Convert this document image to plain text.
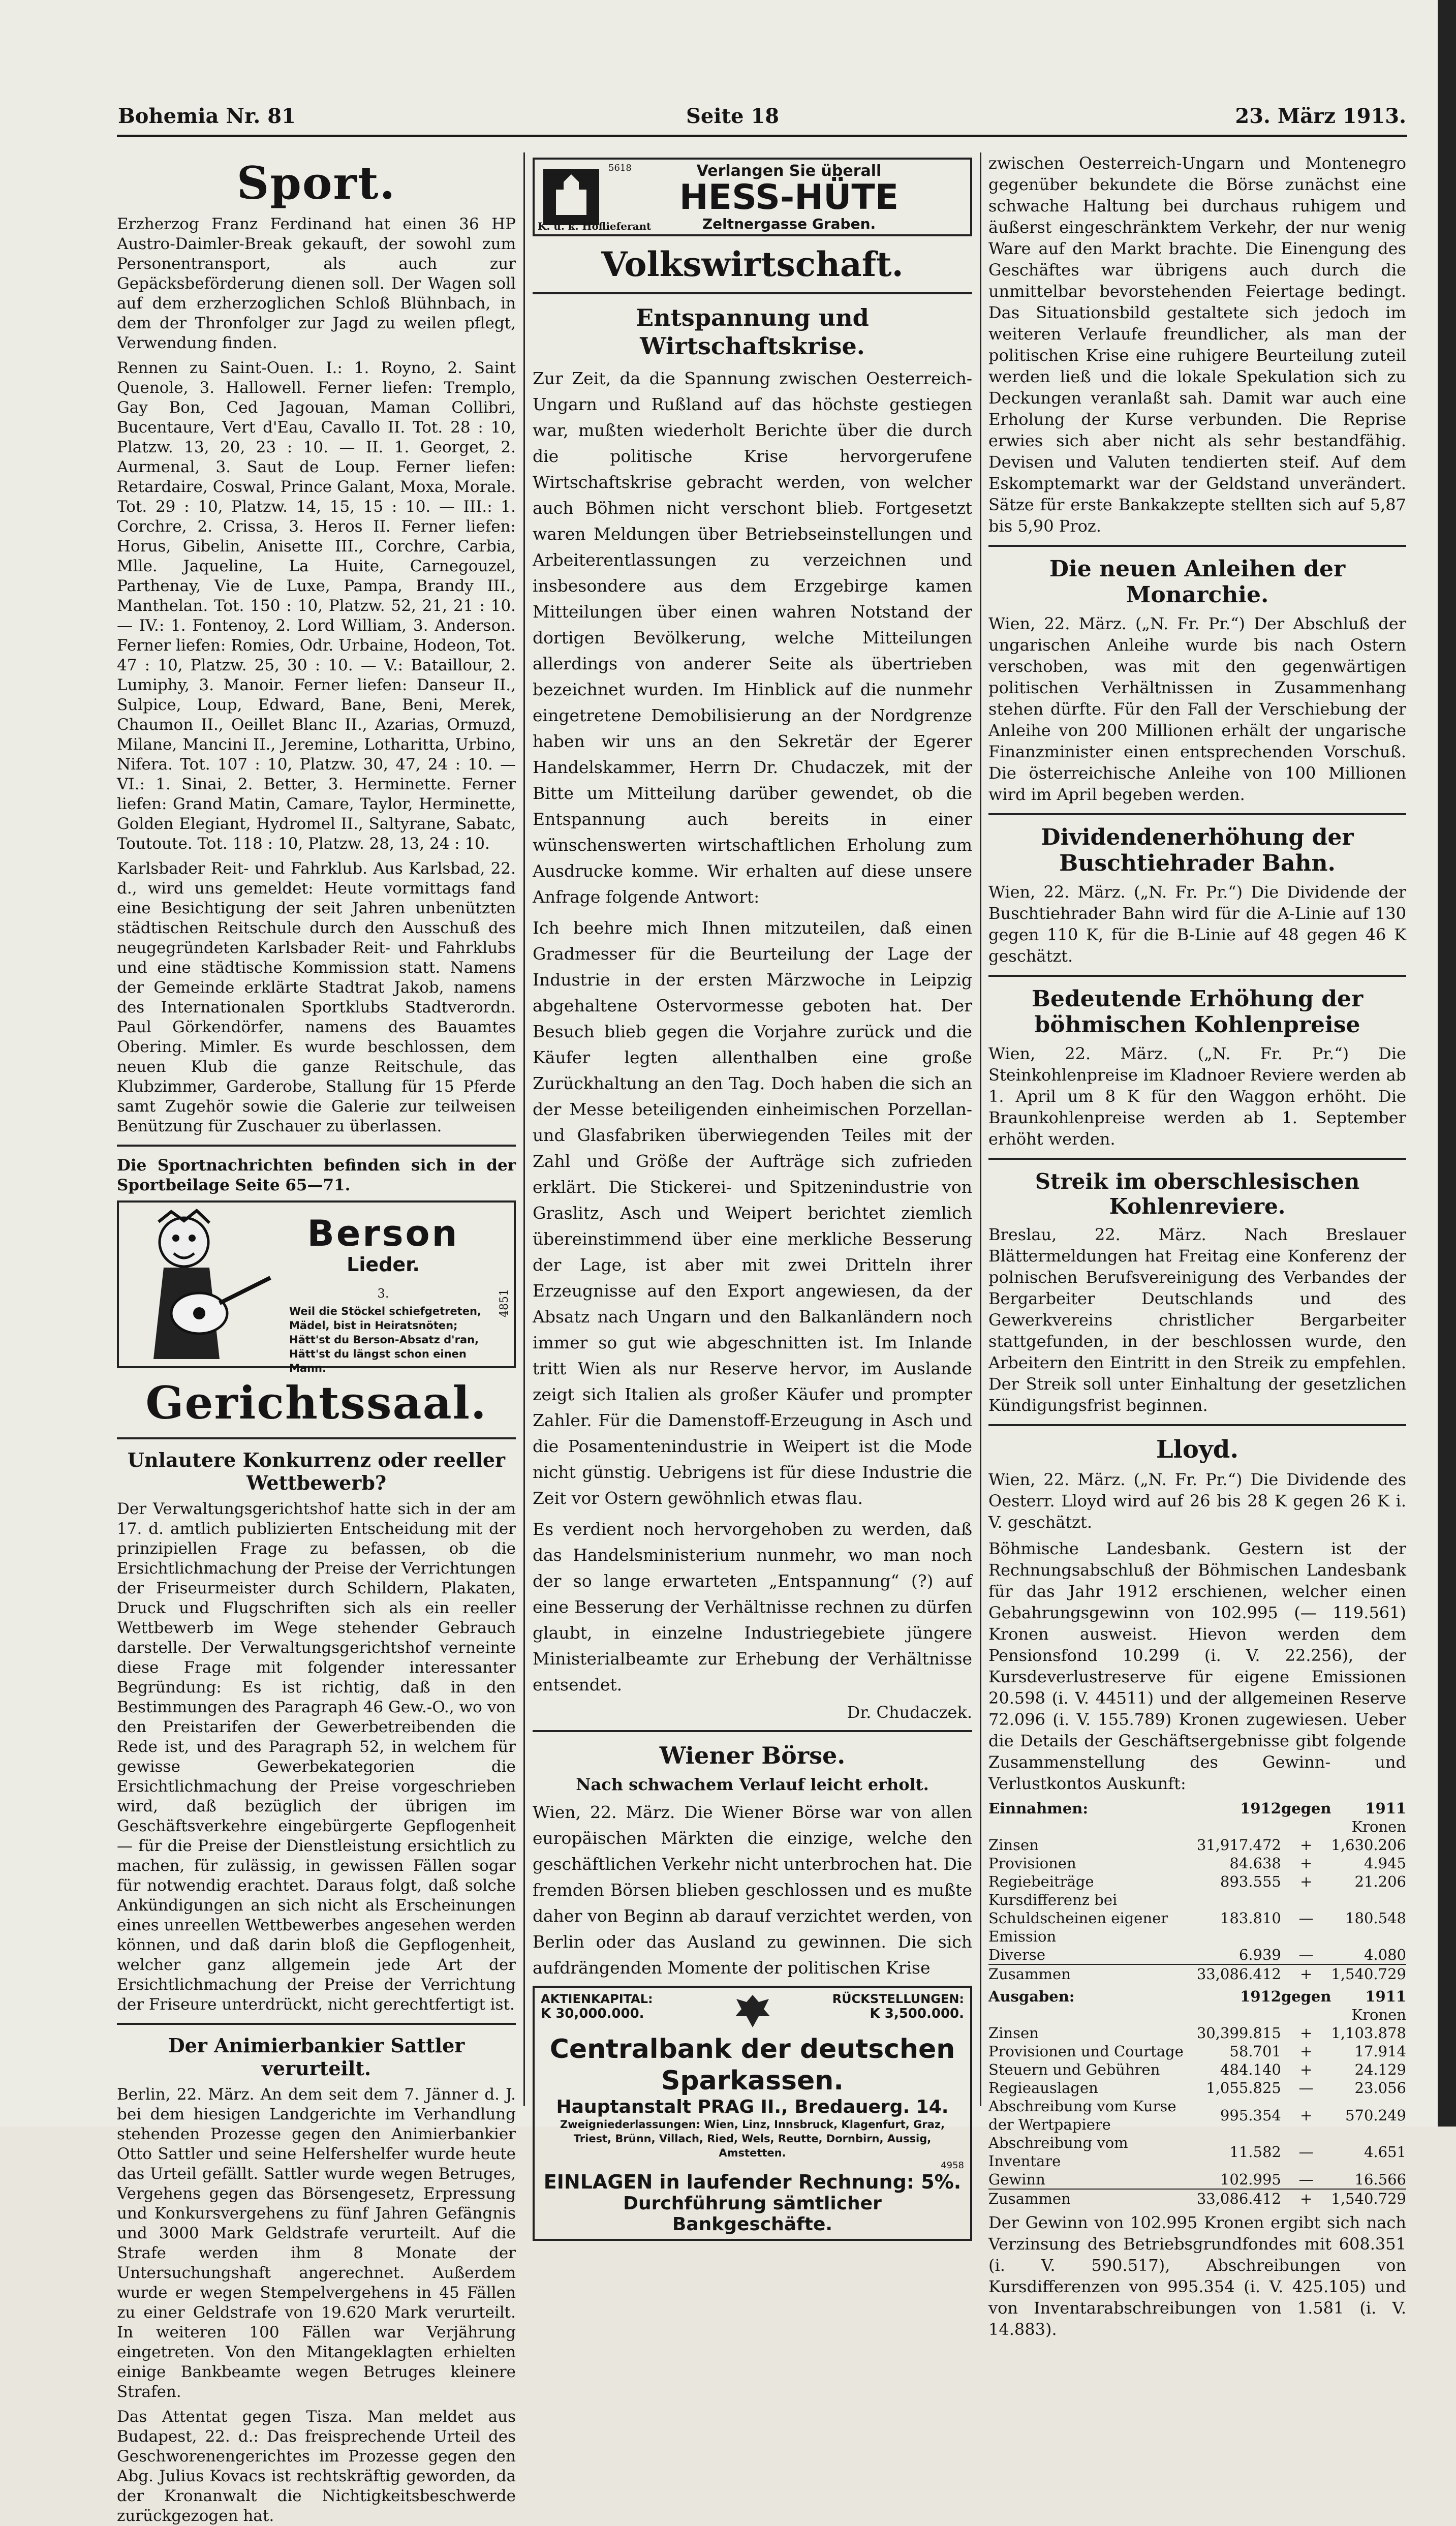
Bohemia Nr. 81	Seite 18	23. März 1913.
Sport.

Erzherzog Franz Ferdinand hat einen 36 HP Austro-Daimler-Break gekauft, der sowohl zum Personentransport, als auch zur Gepäcksbeförderung dienen soll. Der Wagen soll auf dem erzherzoglichen Schloß Blühnbach, in dem der Thronfolger zur Jagd zu weilen pflegt, Verwendung finden.

Rennen zu Saint-Ouen. I.: 1. Royno, 2. Saint Quenole, 3. Hallowell. Ferner liefen: Tremplo, Gay Bon, Ced Jagouan, Maman Collibri, Bucentaure, Vert d'Eau, Cavallo II. Tot. 28 : 10, Platzw. 13, 20, 23 : 10. — II. 1. Georget, 2. Aurmenal, 3. Saut de Loup. Ferner liefen: Retardaire, Coswal, Prince Galant, Moxa, Morale. Tot. 29 : 10, Platzw. 14, 15, 15 : 10. — III.: 1. Corchre, 2. Crissa, 3. Heros II. Ferner liefen: Horus, Gibelin, Anisette III., Corchre, Carbia, Mlle. Jaqueline, La Huite, Carnegouzel, Parthenay, Vie de Luxe, Pampa, Brandy III., Manthelan. Tot. 150 : 10, Platzw. 52, 21, 21 : 10. — IV.: 1. Fontenoy, 2. Lord William, 3. Anderson. Ferner liefen: Romies, Odr. Urbaine, Hodeon, Tot. 47 : 10, Platzw. 25, 30 : 10. — V.: Bataillour, 2. Lumiphy, 3. Manoir. Ferner liefen: Danseur II., Sulpice, Loup, Edward, Bane, Beni, Merek, Chaumon II., Oeillet Blanc II., Azarias, Ormuzd, Milane, Mancini II., Jeremine, Lotharitta, Urbino, Nifera. Tot. 107 : 10, Platzw. 30, 47, 24 : 10. — VI.: 1. Sinai, 2. Better, 3. Herminette. Ferner liefen: Grand Matin, Camare, Taylor, Herminette, Golden Elegiant, Hydromel II., Saltyrane, Sabatc, Toutoute. Tot. 118 : 10, Platzw. 28, 13, 24 : 10.

Karlsbader Reit- und Fahrklub. Aus Karlsbad, 22. d., wird uns gemeldet: Heute vormittags fand eine Besichtigung der seit Jahren unbenützten städtischen Reitschule durch den Ausschuß des neugegründeten Karlsbader Reit- und Fahrklubs und eine städtische Kommission statt. Namens der Gemeinde erklärte Stadtrat Jakob, namens des Internationalen Sportklubs Stadtverordn. Paul Görkendörfer, namens des Bauamtes Obering. Mimler. Es wurde beschlossen, dem neuen Klub die ganze Reitschule, das Klubzimmer, Garderobe, Stallung für 15 Pferde samt Zugehör sowie die Galerie zur teilweisen Benützung für Zuschauer zu überlassen.

Die Sportnachrichten befinden sich in der Sportbeilage Seite 65—71.

Berson
Lieder.
3.
Weil die Stöckel schiefgetreten,
Mädel, bist in Heiratsnöten;
Hätt'st du Berson-Absatz d'ran,
Hätt'st du längst schon einen Mann.
4851
Gerichtssaal.
Unlautere Konkurrenz oder reeller Wettbewerb?

Der Verwaltungsgerichtshof hatte sich in der am 17. d. amtlich publizierten Entscheidung mit der prinzipiellen Frage zu befassen, ob die Ersichtlichmachung der Preise der Verrichtungen der Friseurmeister durch Schildern, Plakaten, Druck und Flugschriften sich als ein reeller Wettbewerb im Wege stehender Gebrauch darstelle. Der Verwaltungsgerichtshof verneinte diese Frage mit folgender interessanter Begründung: Es ist richtig, daß in den Bestimmungen des Paragraph 46 Gew.-O., wo von den Preistarifen der Gewerbetreibenden die Rede ist, und des Paragraph 52, in welchem für gewisse Gewerbekategorien die Ersichtlichmachung der Preise vorgeschrieben wird, daß bezüglich der übrigen im Geschäftsverkehre eingebürgerte Gepflogenheit — für die Preise der Dienstleistung ersichtlich zu machen, für zulässig, in gewissen Fällen sogar für notwendig erachtet. Daraus folgt, daß solche Ankündigungen an sich nicht als Erscheinungen eines unreellen Wettbewerbes angesehen werden können, und daß darin bloß die Gepflogenheit, welcher ganz allgemein jede Art der Ersichtlichmachung der Preise der Verrichtung der Friseure unterdrückt, nicht gerechtfertigt ist.

Der Animierbankier Sattler verurteilt.

Berlin, 22. März. An dem seit dem 7. Jänner d. J. bei dem hiesigen Landgerichte im Verhandlung stehenden Prozesse gegen den Animierbankier Otto Sattler und seine Helfershelfer wurde heute das Urteil gefällt. Sattler wurde wegen Betruges, Vergehens gegen das Börsengesetz, Erpressung und Konkursvergehens zu fünf Jahren Gefängnis und 3000 Mark Geldstrafe verurteilt. Auf die Strafe werden ihm 8 Monate der Untersuchungshaft angerechnet. Außerdem wurde er wegen Stempelvergehens in 45 Fällen zu einer Geldstrafe von 19.620 Mark verurteilt. In weiteren 100 Fällen war Verjährung eingetreten. Von den Mitangeklagten erhielten einige Bankbeamte wegen Betruges kleinere Strafen.

Das Attentat gegen Tisza. Man meldet aus Budapest, 22. d.: Das freisprechende Urteil des Geschworenengerichtes im Prozesse gegen den Abg. Julius Kovacs ist rechtskräftig geworden, da der Kronanwalt die Nichtigkeitsbeschwerde zurückgezogen hat.

5618	Verlangen Sie überall
HESS-HÜTE
Zeltnergasse Graben.
K. u. k. Hoflieferant
Volkswirtschaft.
Entspannung und Wirtschaftskrise.

Zur Zeit, da die Spannung zwischen Oesterreich-Ungarn und Rußland auf das höchste gestiegen war, mußten wiederholt Berichte über die durch die politische Krise hervorgerufene Wirtschaftskrise gebracht werden, von welcher auch Böhmen nicht verschont blieb. Fortgesetzt waren Meldungen über Betriebseinstellungen und Arbeiterentlassungen zu verzeichnen und insbesondere aus dem Erzgebirge kamen Mitteilungen über einen wahren Notstand der dortigen Bevölkerung, welche Mitteilungen allerdings von anderer Seite als übertrieben bezeichnet wurden. Im Hinblick auf die nunmehr eingetretene Demobilisierung an der Nordgrenze haben wir uns an den Sekretär der Egerer Handelskammer, Herrn Dr. Chudaczek, mit der Bitte um Mitteilung darüber gewendet, ob die Entspannung auch bereits in einer wünschenswerten wirtschaftlichen Erholung zum Ausdrucke komme. Wir erhalten auf diese unsere Anfrage folgende Antwort:

Ich beehre mich Ihnen mitzuteilen, daß einen Gradmesser für die Beurteilung der Lage der Industrie in der ersten Märzwoche in Leipzig abgehaltene Ostervormesse geboten hat. Der Besuch blieb gegen die Vorjahre zurück und die Käufer legten allenthalben eine große Zurückhaltung an den Tag. Doch haben die sich an der Messe beteiligenden einheimischen Porzellan- und Glasfabriken überwiegenden Teiles mit der Zahl und Größe der Aufträge sich zufrieden erklärt. Die Stickerei- und Spitzenindustrie von Graslitz, Asch und Weipert berichtet ziemlich übereinstimmend über eine merkliche Besserung der Lage, ist aber mit zwei Dritteln ihrer Erzeugnisse auf den Export angewiesen, da der Absatz nach Ungarn und den Balkanländern noch immer so gut wie abgeschnitten ist. Im Inlande tritt Wien als nur Reserve hervor, im Auslande zeigt sich Italien als großer Käufer und prompter Zahler. Für die Damenstoff-Erzeugung in Asch und die Posamentenindustrie in Weipert ist die Mode nicht günstig. Uebrigens ist für diese Industrie die Zeit vor Ostern gewöhnlich etwas flau.

Es verdient noch hervorgehoben zu werden, daß das Handelsministerium nunmehr, wo man noch der so lange erwarteten „Entspannung“ (?) auf eine Besserung der Verhältnisse rechnen zu dürfen glaubt, in einzelne Industriegebiete jüngere Ministerialbeamte zur Erhebung der Verhältnisse entsendet.

Dr. Chudaczek.
Wiener Börse.
Nach schwachem Verlauf leicht erholt.

Wien, 22. März. Die Wiener Börse war von allen europäischen Märkten die einzige, welche den geschäftlichen Verkehr nicht unterbrochen hat. Die fremden Börsen blieben geschlossen und es mußte daher von Beginn ab darauf verzichtet werden, von Berlin oder das Ausland zu gewinnen. Die sich aufdrängenden Momente der politischen Krise

AKTIENKAPITAL:	RÜCKSTELLUNGEN:
K 30,000.000.	K 3,500.000.
Centralbank der deutschen Sparkassen.
Hauptanstalt PRAG II., Bredauerg. 14.
Zweigniederlassungen: Wien, Linz, Innsbruck, Klagenfurt, Graz, Triest, Brünn, Villach, Ried, Wels, Reutte, Dornbirn, Aussig, Amstetten.
4958
EINLAGEN in laufender Rechnung: 5%.
Durchführung sämtlicher Bankgeschäfte.

zwischen Oesterreich-Ungarn und Montenegro gegenüber bekundete die Börse zunächst eine schwache Haltung bei durchaus ruhigem und äußerst eingeschränktem Verkehr, der nur wenig Ware auf den Markt brachte. Die Einengung des Geschäftes war übrigens auch durch die unmittelbar bevorstehenden Feiertage bedingt. Das Situationsbild gestaltete sich jedoch im weiteren Verlaufe freundlicher, als man der politischen Krise eine ruhigere Beurteilung zuteil werden ließ und die lokale Spekulation sich zu Deckungen veranlaßt sah. Damit war auch eine Erholung der Kurse verbunden. Die Reprise erwies sich aber nicht als sehr bestandfähig. Devisen und Valuten tendierten steif. Auf dem Eskomptemarkt war der Geldstand unverändert. Sätze für erste Bankakzepte stellten sich auf 5,87 bis 5,90 Proz.

Die neuen Anleihen der Monarchie.

Wien, 22. März. („N. Fr. Pr.“) Der Abschluß der ungarischen Anleihe wurde bis nach Ostern verschoben, was mit den gegenwärtigen politischen Verhältnissen in Zusammenhang stehen dürfte. Für den Fall der Verschiebung der Anleihe von 200 Millionen erhält der ungarische Finanzminister einen entsprechenden Vorschuß. Die österreichische Anleihe von 100 Millionen wird im April begeben werden.

Dividendenerhöhung der Buschtiehrader Bahn.

Wien, 22. März. („N. Fr. Pr.“) Die Dividende der Buschtiehrader Bahn wird für die A-Linie auf 130 gegen 110 K, für die B-Linie auf 48 gegen 46 K geschätzt.

Bedeutende Erhöhung der böhmischen Kohlenpreise

Wien, 22. März. („N. Fr. Pr.“) Die Steinkohlenpreise im Kladnoer Reviere werden ab 1. April um 8 K für den Waggon erhöht. Die Braunkohlenpreise werden ab 1. September erhöht werden.

Streik im oberschlesischen Kohlenreviere.

Breslau, 22. März. Nach Breslauer Blättermeldungen hat Freitag eine Konferenz der polnischen Berufsvereinigung des Verbandes der Bergarbeiter Deutschlands und des Gewerkvereins christlicher Bergarbeiter stattgefunden, in der beschlossen wurde, den Arbeitern den Eintritt in den Streik zu empfehlen. Der Streik soll unter Einhaltung der gesetzlichen Kündigungsfrist beginnen.

Lloyd.

Wien, 22. März. („N. Fr. Pr.“) Die Dividende des Oesterr. Lloyd wird auf 26 bis 28 K gegen 26 K i. V. geschätzt.

Böhmische Landesbank. Gestern ist der Rechnungsabschluß der Böhmischen Landesbank für das Jahr 1912 erschienen, welcher einen Gebahrungsgewinn von 102.995 (— 119.561) Kronen ausweist. Hievon werden dem Pensionsfond 10.299 (i. V. 22.256), der Kursdeverlustreserve für eigene Emissionen 20.598 (i. V. 44511) und der allgemeinen Reserve 72.096 (i. V. 155.789) Kronen zugewiesen. Ueber die Details der Geschäftsergebnisse gibt folgende Zusammenstellung des Gewinn- und Verlustkontos Auskunft:

Einnahmen:	1912	gegen	1911
			Kronen
Zinsen	31,917.472	+	1,630.206
Provisionen	84.638	+	4.945
Regiebeiträge	893.555	+	21.206
Kursdifferenz bei Schuldscheinen eigener Emission	183.810	—	180.548
Diverse	6.939	—	4.080
Zusammen	33,086.412	+	1,540.729
Ausgaben:	1912	gegen	1911
			Kronen
Zinsen	30,399.815	+	1,103.878
Provisionen und Courtage	58.701	+	17.914
Steuern und Gebühren	484.140	+	24.129
Regieauslagen	1,055.825	—	23.056
Abschreibung vom Kurse der Wertpapiere	995.354	+	570.249
Abschreibung vom Inventare	11.582	—	4.651
Gewinn	102.995	—	16.566
Zusammen	33,086.412	+	1,540.729

Der Gewinn von 102.995 Kronen ergibt sich nach Verzinsung des Betriebsgrundfondes mit 608.351 (i. V. 590.517), Abschreibungen von Kursdifferenzen von 995.354 (i. V. 425.105) und von Inventarabschreibungen von 1.581 (i. V. 14.883).
